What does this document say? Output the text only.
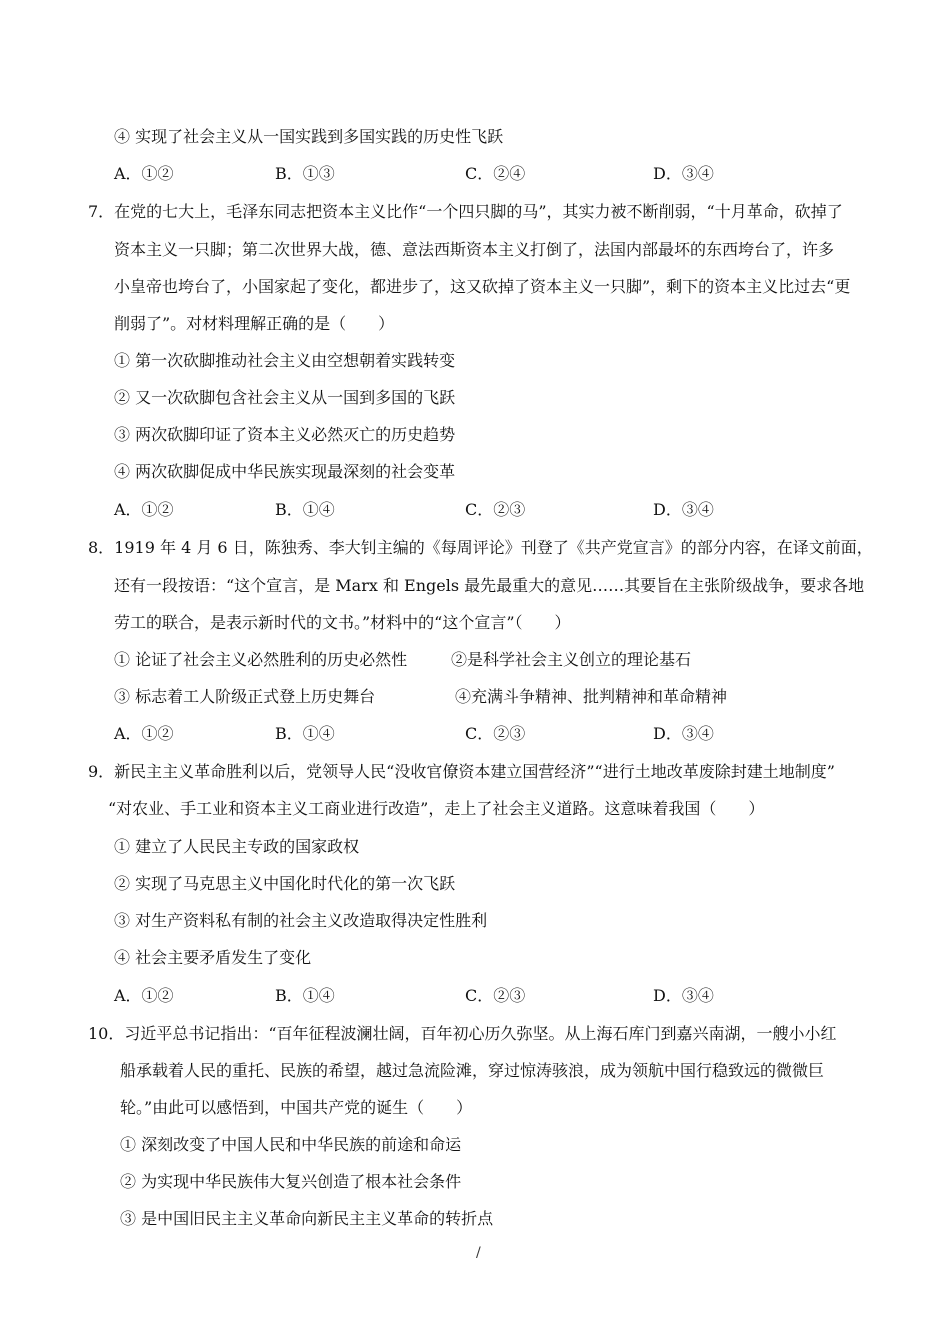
④ 实现了社会主义从一国实践到多国实践的历史性飞跃
A．①②	B．①③	C．②④	D．③④
7．在党的七大上，毛泽东同志把资本主义比作“一个四只脚的马”，其实力被不断削弱，“十月革命，砍掉了
资本主义一只脚；第二次世界大战，德、意法西斯资本主义打倒了，法国内部最坏的东西垮台了，许多
小皇帝也垮台了，小国家起了变化，都进步了，这又砍掉了资本主义一只脚”，剩下的资本主义比过去“更
削弱了”。对材料理解正确的是（　　）
① 第一次砍脚推动社会主义由空想朝着实践转变
② 又一次砍脚包含社会主义从一国到多国的飞跃
③ 两次砍脚印证了资本主义必然灭亡的历史趋势
④ 两次砍脚促成中华民族实现最深刻的社会变革
A．①②	B．①④	C．②③	D．③④
8．1919 年 4 月 6 日，陈独秀、李大钊主编的《每周评论》刊登了《共产党宣言》的部分内容，在译文前面，
还有一段按语：“这个宣言，是 Marx 和 Engels 最先最重大的意见……其要旨在主张阶级战争，要求各地
劳工的联合，是表示新时代的文书。”材料中的“这个宣言”（　　）
① 论证了社会主义必然胜利的历史必然性	②是科学社会主义创立的理论基石
③ 标志着工人阶级正式登上历史舞台	④充满斗争精神、批判精神和革命精神
A．①②	B．①④	C．②③	D．③④
9．新民主主义革命胜利以后，党领导人民“没收官僚资本建立国营经济”“进行土地改革废除封建土地制度”
“对农业、手工业和资本主义工商业进行改造”，走上了社会主义道路。这意味着我国（　　）
① 建立了人民民主专政的国家政权
② 实现了马克思主义中国化时代化的第一次飞跃
③ 对生产资料私有制的社会主义改造取得决定性胜利
④ 社会主要矛盾发生了变化
A．①②	B．①④	C．②③	D．③④
10．习近平总书记指出：“百年征程波澜壮阔，百年初心历久弥坚。从上海石库门到嘉兴南湖，一艘小小红
船承载着人民的重托、民族的希望，越过急流险滩，穿过惊涛骇浪，成为领航中国行稳致远的微微巨
轮。”由此可以感悟到，中国共产党的诞生（　　）
① 深刻改变了中国人民和中华民族的前途和命运
② 为实现中华民族伟大复兴创造了根本社会条件
③ 是中国旧民主主义革命向新民主主义革命的转折点
/
